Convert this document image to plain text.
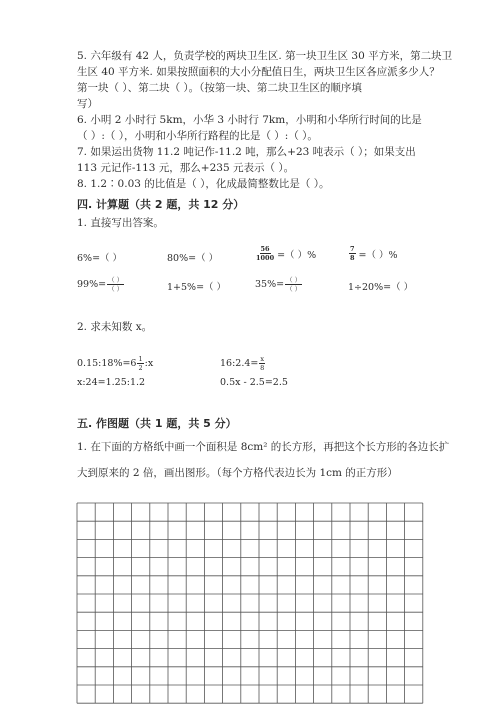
5. 六年级有 42 人，负责学校的两块卫生区. 第一块卫生区 30 平方米，第二块卫
生区 40 平方米. 如果按照面积的大小分配值日生，两块卫生区各应派多少人？
第一块（ ）、第二块（ ）。（按第一块、第二块卫生区的顺序填
写）
6. 小明 2 小时行 5km，小华 3 小时行 7km，小明和小华所行时间的比是
（ ）:（ ），小明和小华所行路程的比是（ ）:（ ）。
7. 如果运出货物 11.2 吨记作-11.2 吨，那么+23 吨表示（ ）；如果支出
113 元记作-113 元，那么+235 元表示（ ）。
8. 1.2∶0.03 的比值是（ ），化成最简整数比是（ ）。
四. 计算题（共 2 题，共 12 分）
1. 直接写出答案。
6%=（ ）	80%=（ ）	$\frac{56}{1000}$ =（ ）%	$\frac{7}{8}$ =（ ）%
$99\%= \frac{( )}{( )}$	1+5%=（ ）	$35\%= \frac{( )}{( )}$	1÷20%=（ ）
2. 求未知数 x。
0.15:18%=6 $\frac{1}{2}$ :x	16:2.4= $\frac{x}{8}$
x:24=1.25:1.2	0.5x - 2.5=2.5
五. 作图题（共 1 题，共 5 分）
1. 在下面的方格纸中画一个面积是 8cm² 的长方形，再把这个长方形的各边长扩
大到原来的 2 倍，画出图形。（每个方格代表边长为 1cm 的正方形）
